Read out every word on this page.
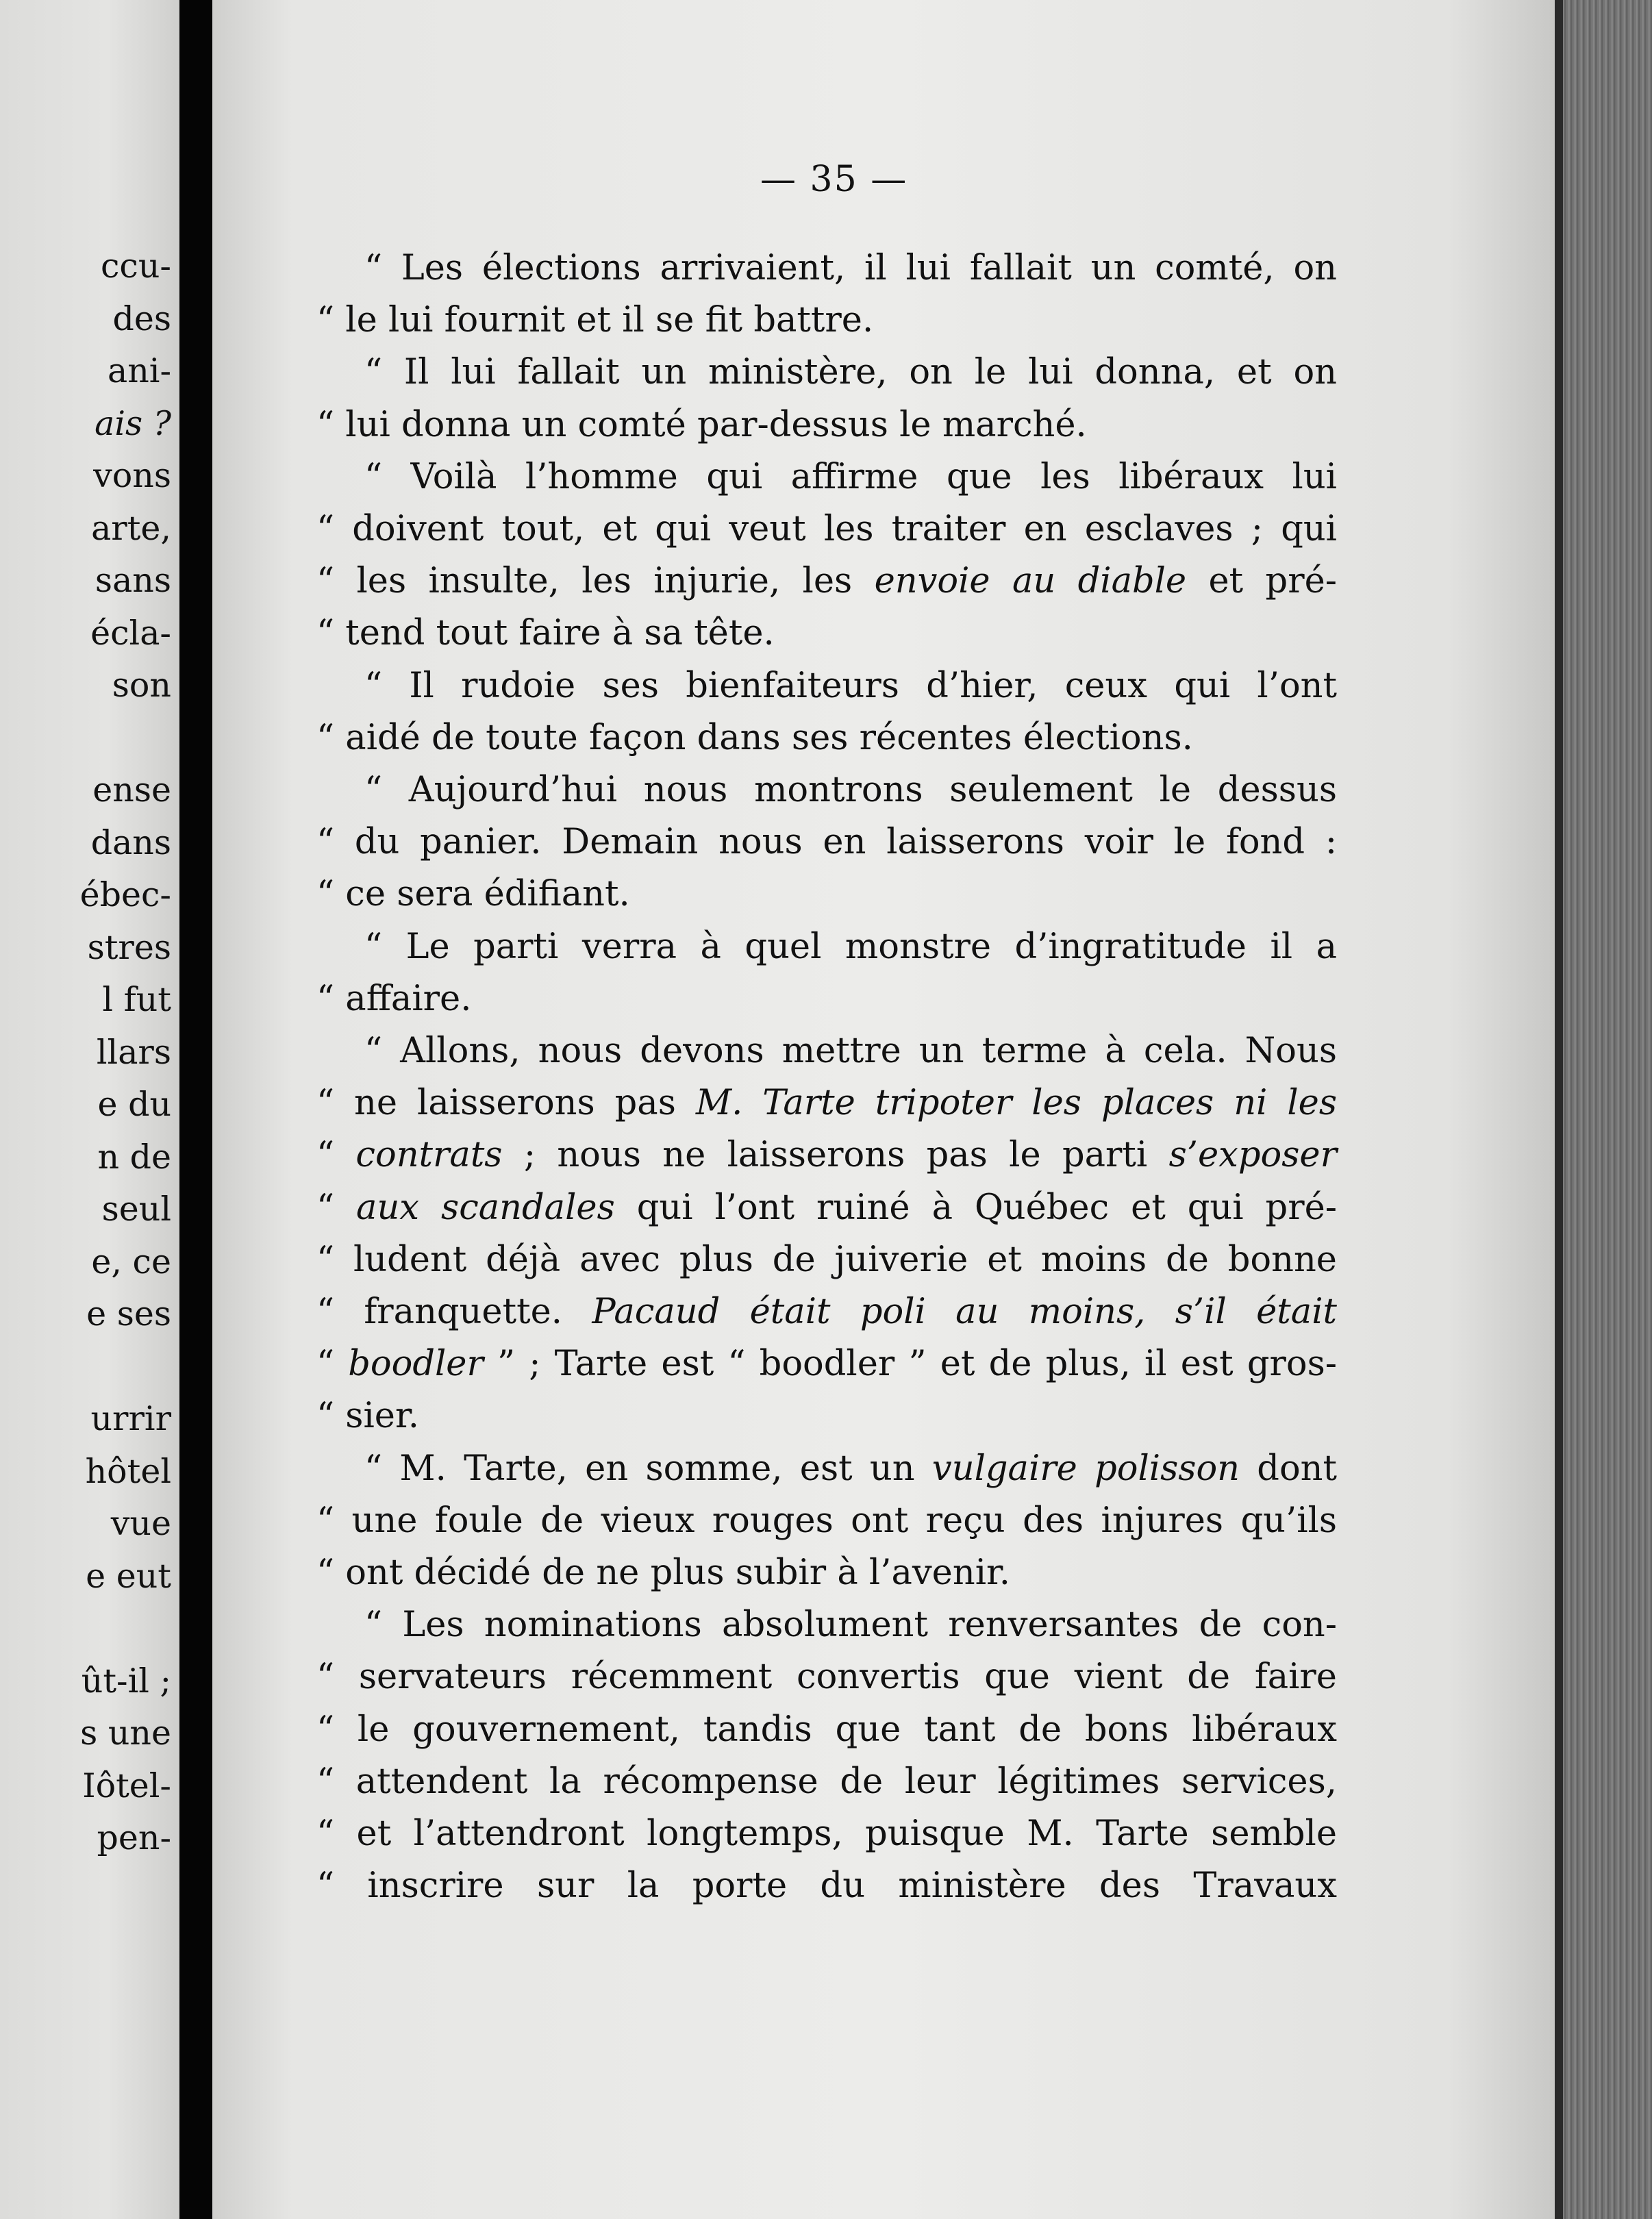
ccu-
des
ani-
ais ?
vons
arte,
sans
écla-
son
ense
dans
ébec-
stres
l fut
llars
e du
n de
seul
e, ce
e ses
urrir
hôtel
vue
e eut
ût-il ;
s une
Iôtel-
pen-
— 35 —
“ Les élections arrivaient, il lui fallait un comté, on
“ le lui fournit et il se fit battre.
“ Il lui fallait un ministère, on le lui donna, et on
“ lui donna un comté par-dessus le marché.
“ Voilà l’homme qui affirme que les libéraux lui
“ doivent tout, et qui veut les traiter en esclaves ; qui
“ les insulte, les injurie, les envoie au diable et pré-
“ tend tout faire à sa tête.
“ Il rudoie ses bienfaiteurs d’hier, ceux qui l’ont
“ aidé de toute façon dans ses récentes élections.
“ Aujourd’hui nous montrons seulement le dessus
“ du panier. Demain nous en laisserons voir le fond :
“ ce sera édifiant.
“ Le parti verra à quel monstre d’ingratitude il a
“ affaire.
“ Allons, nous devons mettre un terme à cela. Nous
“ ne laisserons pas M. Tarte tripoter les places ni les
“ contrats ; nous ne laisserons pas le parti s’exposer
“ aux scandales qui l’ont ruiné à Québec et qui pré-
“ ludent déjà avec plus de juiverie et moins de bonne
“ franquette. Pacaud était poli au moins, s’il était
“ boodler ” ; Tarte est “ boodler ” et de plus, il est gros-
“ sier.
“ M. Tarte, en somme, est un vulgaire polisson dont
“ une foule de vieux rouges ont reçu des injures qu’ils
“ ont décidé de ne plus subir à l’avenir.
“ Les nominations absolument renversantes de con-
“ servateurs récemment convertis que vient de faire
“ le gouvernement, tandis que tant de bons libéraux
“ attendent la récompense de leur légitimes services,
“ et l’attendront longtemps, puisque M. Tarte semble
“ inscrire sur la porte du ministère des Travaux
